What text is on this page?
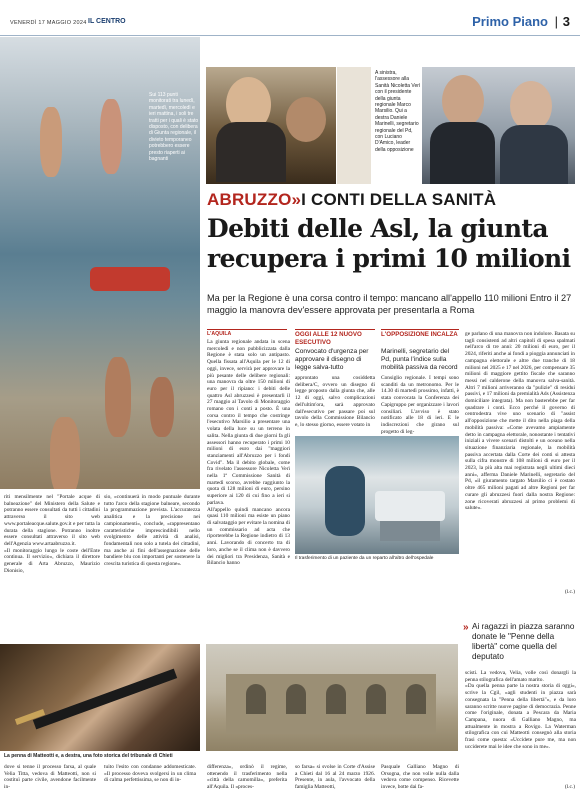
VENERDÌ 17 MAGGIO 2024 IL CENTRO	Primo Piano | 3
Sui 113 punti monitorati tra lunedì, martedì, mercoledì e ieri mattina, i soli tre tratti per i quali è stato disposto, con delibera di Giunta regionale, il divieto temporaneo potrebbero essere presto riaperti ai bagnanti
A sinistra, l'assessore alla Sanità Nicoletta Verì con il presidente della giunta regionale Marco Marsilio. Qui a destra Daniele Marinelli, segretario regionale del Pd, con Luciano D'Amico, leader della opposizione
ABRUZZO»I CONTI DELLA SANITÀ
Debiti delle Asl, la giunta recupera i primi 10 milioni
Ma per la Regione è una corsa contro il tempo: mancano all'appello 110 milioni Entro il 27 maggio la manovra dev'essere approvata per presentarla a Roma
L'AQUILA
La giunta regionale andata in scena mercoledì e non pubblicizzata dalla Regione è stata solo un antipasto. Quella fissata all'Aquila per le 12 di oggi, invece, servirà per approvare la più pesante delle delibere regionali: una manovra da oltre 150 milioni di euro per il ripiano: i debiti delle quattro Asl abruzzesi è presentarli il 27 maggio al Tavolo di Monitoraggio romano con i conti a posto. È una corsa contro il tempo che costringe l'esecutivo Marsilio a presentare una volata della luce su un terreno in salita. Nella giunta di due giorni fa gli assessori hanno recuperato i primi 10 milioni di euro dai "maggiori stanziamenti all'Abruzzo per i fondi Covid". Ma il debito globale, come fra rivelato l'assessore Nicoletta Verì nella 1ª Commissione Sanità di martedì scorso, avrebbe raggiunto la quota di 128 milioni di euro, persino superiore ai 120 di cui fino a ieri si parlava.
All'appello quindi mancano ancora quasi 110 milioni ma esiste un piano di salvataggio per evitare la nomina di un commissario ad acta che riporterebbe la Regione indietro di 13 anni. Lavorando di concerto tra di loro, anche se il clima non è davvero dei migliori tra Presidenza, Sanità e Bilancio hanno
OGGI ALLE 12 NUOVO ESECUTIVO
Convocato d'urgenza per approvare il disegno di legge salva-tutto
approntato una cosiddetta delibera/C, ovvero un disegno di legge proposto dalla giunta che, alle 12 di oggi, salvo complicazioni dell'ultim'ora, sarà approvato dall'esecutivo per passare poi sul tavolo della Commissione Bilancio e, lo stesso giorno, essere votato in
L'OPPOSIZIONE INCALZA
Marinelli, segretario del Pd, punta l'indice sulla mobilità passiva da record
Consiglio regionale. I tempi sono scanditi da un metronomo. Per le 14.30 di martedì prossimo, infatti, è stata convocata la Conferenza dei Capigruppo per organizzare i lavori consiliari. L'avviso è stato notificato alle 18 di ieri. E le indiscrezioni che girano sul progetto di leg-
Il trasferimento di un paziente da un reparto all'altro dell'ospedale
ge parlano di una manovra non indolore. Basata su tagli consistenti ad altri capitoli di spesa spalmati nell'arco di tre anni: 20 milioni di euro, per il 2024, riferiti anche ai fondi a pioggia annunciati in campagna elettorale e altre due tranche di 18 milioni nel 2025 e 17 nel 2026, per compensare 35 milioni di maggiore gettito fiscale che saranno messi nel calderone della manovra salva-sanità. Altri 7 milioni arriveranno da "pulizie" di residui passivi, e 17 milioni da premialità Ads (Assistenza domiciliare integrata). Ma non basterebbe per far quadrare i conti. Ecco perché il governo di centrodestra vive uno scenario di "assist all'opposizione che mette il dito nella piaga della mobilità passiva: «Come avevamo ampiamente detto in campagna elettorale, nonostante i tentativi iniziali a vivere scenari distolti e un oceano nella situazione finanziaria regionale, la mobilità passiva accertata dalla Corte dei conti si attesta sulla cifra monstre di 108 milioni di euro per il 2023, la più alta mai registrata negli ultimi dieci anni», afferma Daniele Marinelli, segretario del Pd, «il giuramento targato Marsilio ci è costato oltre 465 milioni pagati ad altre Regioni per far curare gli abruzzesi fuori dalla nostra Regione: zone ricoverati abruzzesi al primo problemi di salute».
(l.c.)
riti mensilmente nel "Portale acque di balneazione" del Ministero della Salute e potranno essere consultati da tutti i cittadini attraverso il sito web www.portaleacque.salute.gov.it e per tutta la durata della stagione. Potranno inoltre essere consultati attraverso il sito web dell'Agenzia www.artaabruzzo.it.
«Il monitoraggio lungo le coste dell'Ente continua. Il servizio», dichiara il direttore generale di Arta Abruzzo, Maurizio Dionisio,
sio, «continuerà in modo puntuale durante tutto l'arco della stagione balneare, secondo la programmazione prevista. L'accuratezza analitica e la precisione nei campionamenti», conclude, «rappresentano caratteristiche imprescindibili nello svolgimento delle attività di analisi, fondamentali non solo a tutela dei cittadini, ma anche ai fini dell'assegnazione delle bandiere blu con importanti per sostenere la crescita turistica di questa regione».
» Ai ragazzi in piazza saranno donate le "Penne della libertà" come quella del deputato
scisti. La vedova, Velia, volle così donargli la penna stilografica dell'amato marito.
«Da quella penna parte la nostra storia di oggi», scrive la Cgil, «agli studenti in piazza sarà consegnata la "Penna della libertà"», e da loro saranno scritte nuove pagine di democrazia. Penne come l'originale, donata a Pescara da Maria Campana, nuora di Galliano Magno, ma attualmente in mostra a Rovigo. La Waterman stilografica con cui Matteotti consegnò alla storia frasi come questa: «Uccidete pure me, ma non ucciderete mai le idee che sono in me».
La penna di Matteotti e, a destra, una foto storica del tribunale di Chieti
dove si tenne il processo farsa, al quale Velia Titta, vedova di Matteotti, non si costituì parte civile, avendone facilmente in-
tuito l'esito con condanne addomesticate. «Il processo doveva svolgersi in un clima di calma perfettissima, se non di in-
differenza», ordinò il regime, ottenendo il trasferimento nella «città della camomilla», preferita all'Aquila. Il «proces-
so farsa» si svolse in Corte d'Assise a Chieti dal 16 al 24 marzo 1926. Presente, in aula, l'avvocato della famiglia Matteotti,
Pasquale Galliano Magno di Orsogna, che non volle nulla dalla vedova come compenso. Ricevette invece, botte dai fa-	(l.c.)
